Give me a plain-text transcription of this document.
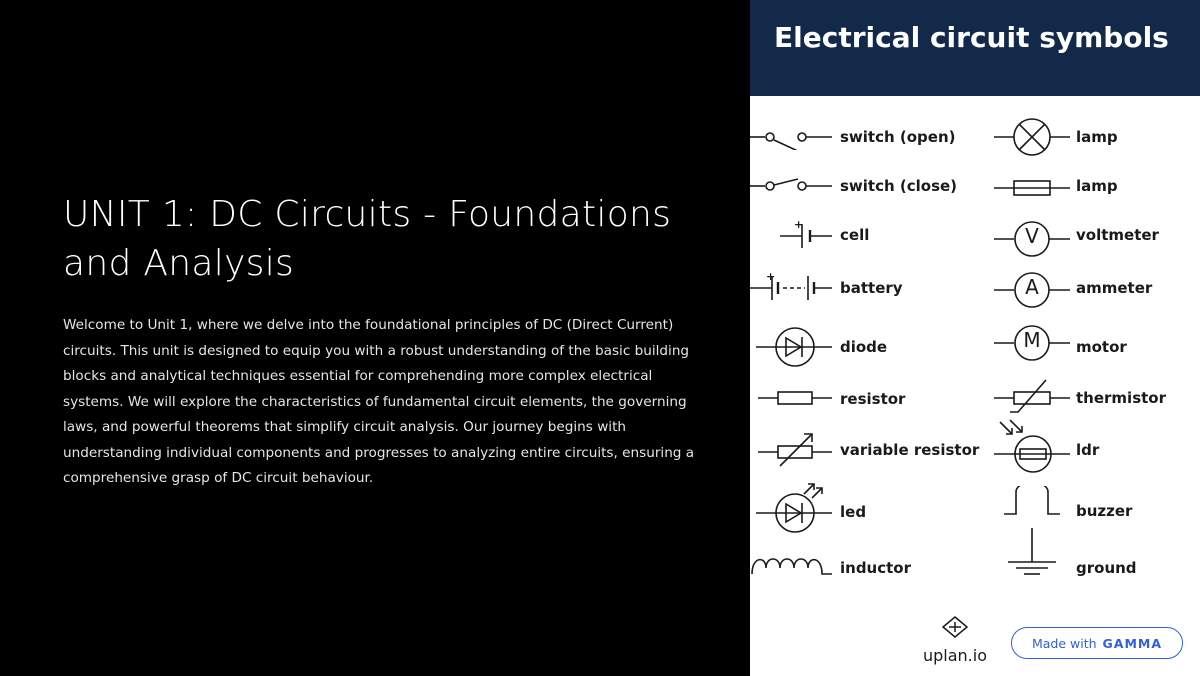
UNIT 1: DC Circuits - Foundations and Analysis

Welcome to Unit 1, where we delve into the foundational principles of DC (Direct Current) circuits. This unit is designed to equip you with a robust understanding of the basic building blocks and analytical techniques essential for comprehending more complex electrical systems. We will explore the characteristics of fundamental circuit elements, the governing laws, and powerful theorems that simplify circuit analysis. Our journey begins with understanding individual components and progresses to analyzing entire circuits, ensuring a comprehensive grasp of DC circuit behaviour.

Electrical circuit symbols
switch (open)
switch (close)
+
cell
+
battery
diode
resistor
variable resistor
led
inductor
lamp
lamp
V voltmeter
A ammeter
M motor
thermistor
ldr
buzzer
ground
uplan.io
Made with GAMMA
